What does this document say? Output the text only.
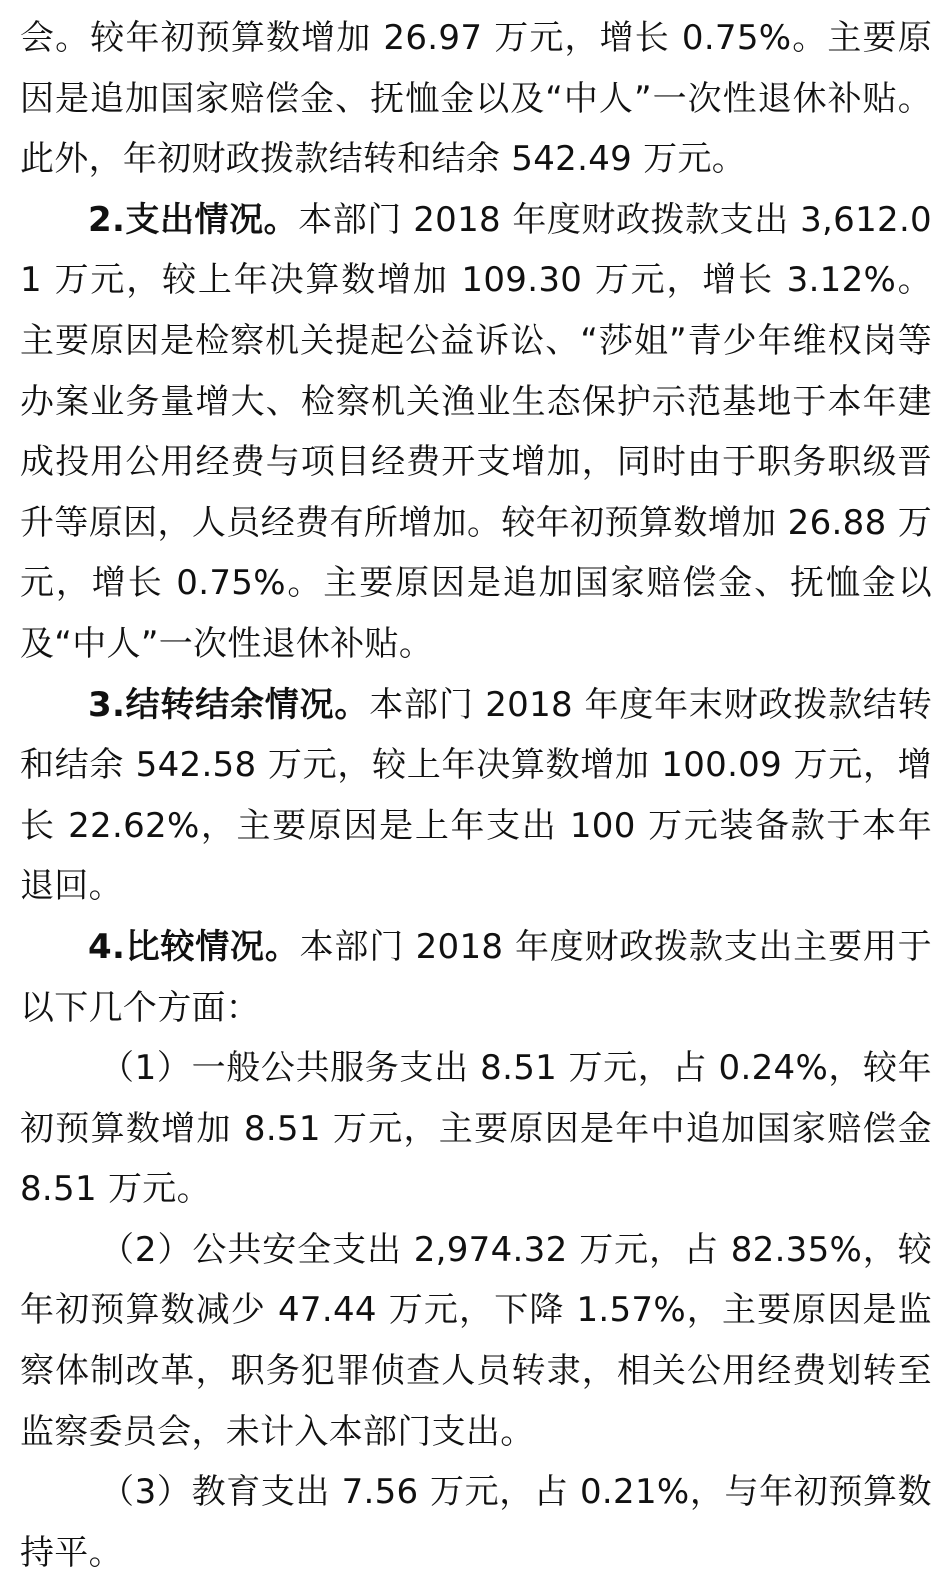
会。较年初预算数增加 26.97 万元，增长 0.75%。主要原因是追加国家赔偿金、抚恤金以及“中人”一次性退休补贴。此外，年初财政拨款结转和结余 542.49 万元。

2.支出情况。本部门 2018 年度财政拨款支出 3,612.01 万元，较上年决算数增加 109.30 万元，增长 3.12%。主要原因是检察机关提起公益诉讼、“莎姐”青少年维权岗等办案业务量增大、检察机关渔业生态保护示范基地于本年建成投用公用经费与项目经费开支增加，同时由于职务职级晋升等原因，人员经费有所增加。较年初预算数增加 26.88 万元，增长 0.75%。主要原因是追加国家赔偿金、抚恤金以及“中人”一次性退休补贴。

3.结转结余情况。本部门 2018 年度年末财政拨款结转和结余 542.58 万元，较上年决算数增加 100.09 万元，增长 22.62%，主要原因是上年支出 100 万元装备款于本年退回。

4.比较情况。本部门 2018 年度财政拨款支出主要用于以下几个方面：

（1）一般公共服务支出 8.51 万元，占 0.24%，较年初预算数增加 8.51 万元，主要原因是年中追加国家赔偿金 8.51 万元。

（2）公共安全支出 2,974.32 万元，占 82.35%，较年初预算数减少 47.44 万元，下降 1.57%，主要原因是监察体制改革，职务犯罪侦查人员转隶，相关公用经费划转至监察委员会，未计入本部门支出。

（3）教育支出 7.56 万元，占 0.21%，与年初预算数持平。
